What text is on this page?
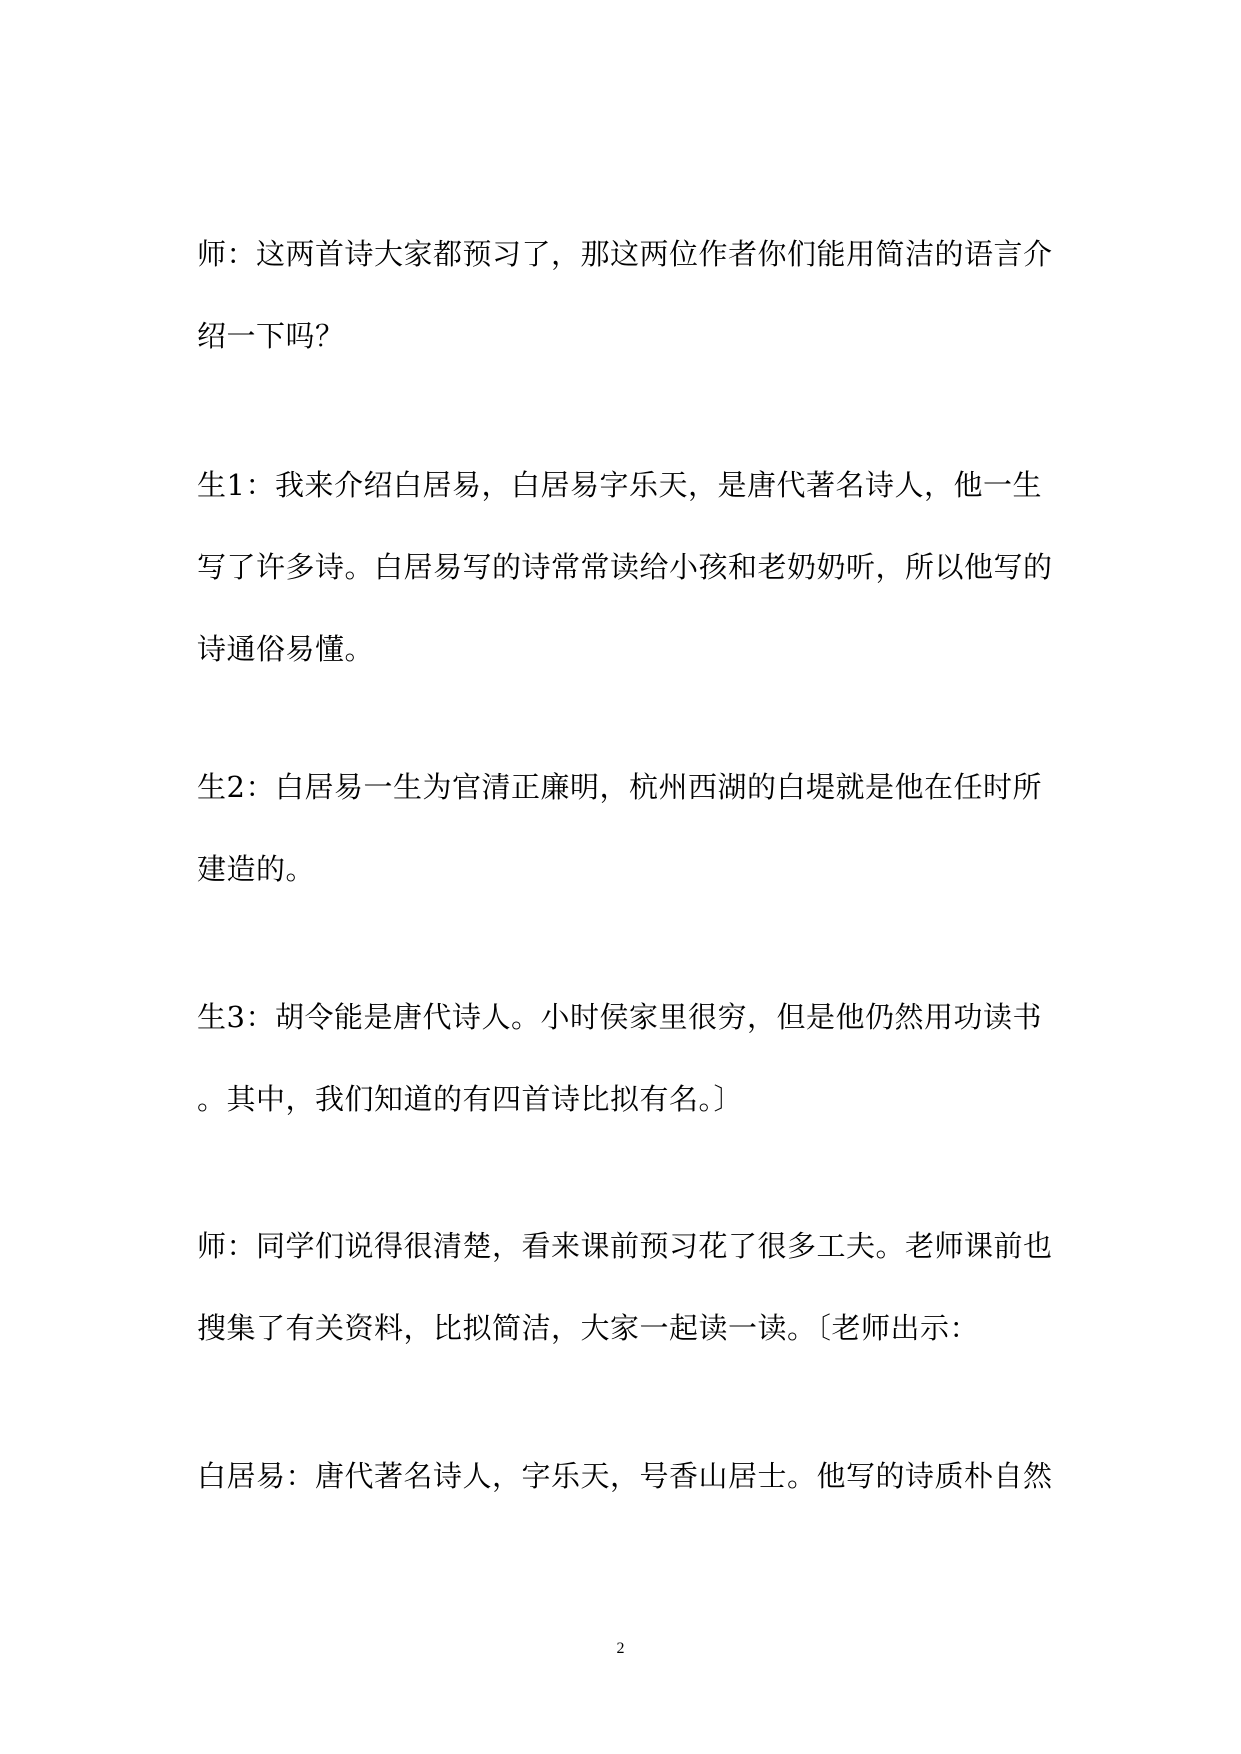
师：这两首诗大家都预习了，那这两位作者你们能用简洁的语言介
绍一下吗？

生1：我来介绍白居易，白居易字乐天，是唐代著名诗人，他一生
写了许多诗。白居易写的诗常常读给小孩和老奶奶听，所以他写的
诗通俗易懂。

生2：白居易一生为官清正廉明，杭州西湖的白堤就是他在任时所
建造的。

生3：胡令能是唐代诗人。小时侯家里很穷，但是他仍然用功读书
。其中，我们知道的有四首诗比拟有名。〕

师：同学们说得很清楚，看来课前预习花了很多工夫。老师课前也
搜集了有关资料，比拟简洁，大家一起读一读。〔老师出示：

白居易：唐代著名诗人，字乐天，号香山居士。他写的诗质朴自然

2
